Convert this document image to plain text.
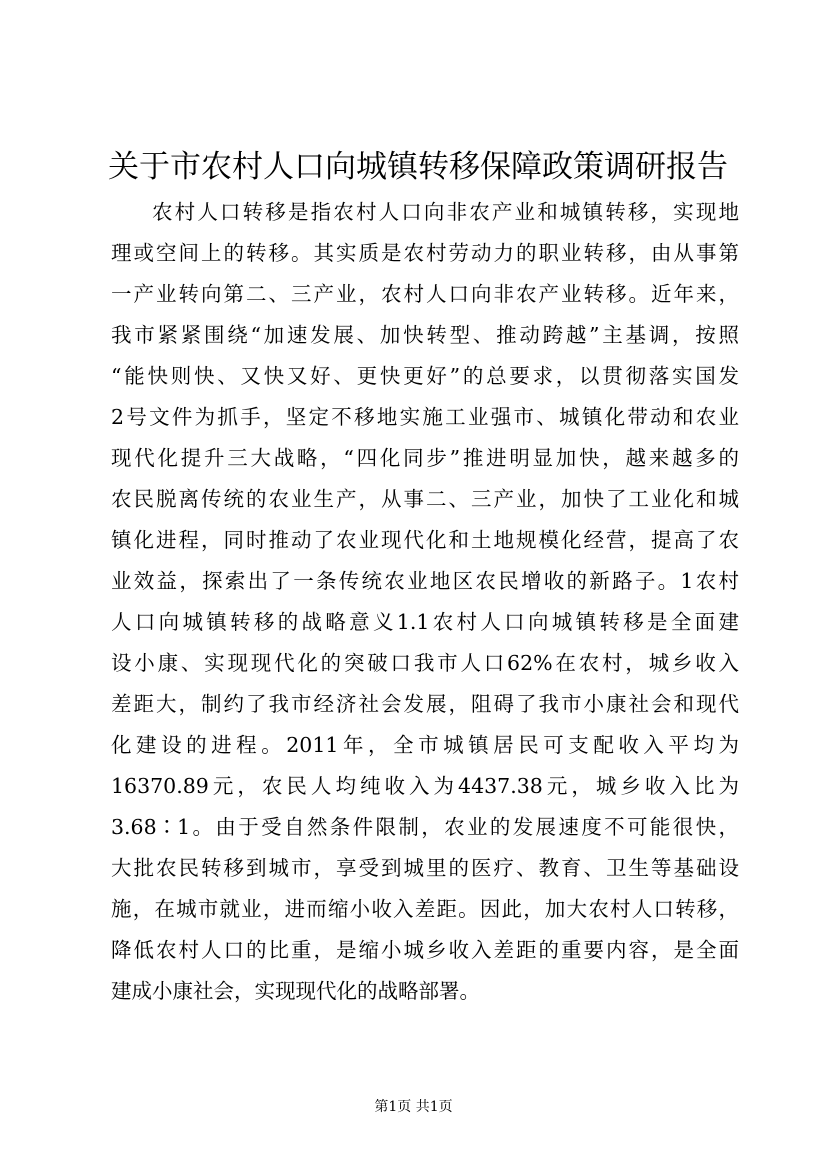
关于市农村人口向城镇转移保障政策调研报告
农村人口转移是指农村人口向非农产业和城镇转移，实现地
理或空间上的转移。其实质是农村劳动力的职业转移，由从事第
一产业转向第二、三产业，农村人口向非农产业转移。近年来，
我市紧紧围绕“加速发展、加快转型、推动跨越”主基调，按照
“能快则快、又快又好、更快更好”的总要求，以贯彻落实国发
2号文件为抓手，坚定不移地实施工业强市、城镇化带动和农业
现代化提升三大战略，“四化同步”推进明显加快，越来越多的
农民脱离传统的农业生产，从事二、三产业，加快了工业化和城
镇化进程，同时推动了农业现代化和土地规模化经营，提高了农
业效益，探索出了一条传统农业地区农民增收的新路子。1农村
人口向城镇转移的战略意义1.1农村人口向城镇转移是全面建
设小康、实现现代化的突破口我市人口62%在农村，城乡收入
差距大，制约了我市经济社会发展，阻碍了我市小康社会和现代
化建设的进程。2011年，全市城镇居民可支配收入平均为
16370.89元，农民人均纯收入为4437.38元，城乡收入比为
3.68∶1。由于受自然条件限制，农业的发展速度不可能很快，
大批农民转移到城市，享受到城里的医疗、教育、卫生等基础设
施，在城市就业，进而缩小收入差距。因此，加大农村人口转移，
降低农村人口的比重，是缩小城乡收入差距的重要内容，是全面
建成小康社会，实现现代化的战略部署。
第1页 共1页
